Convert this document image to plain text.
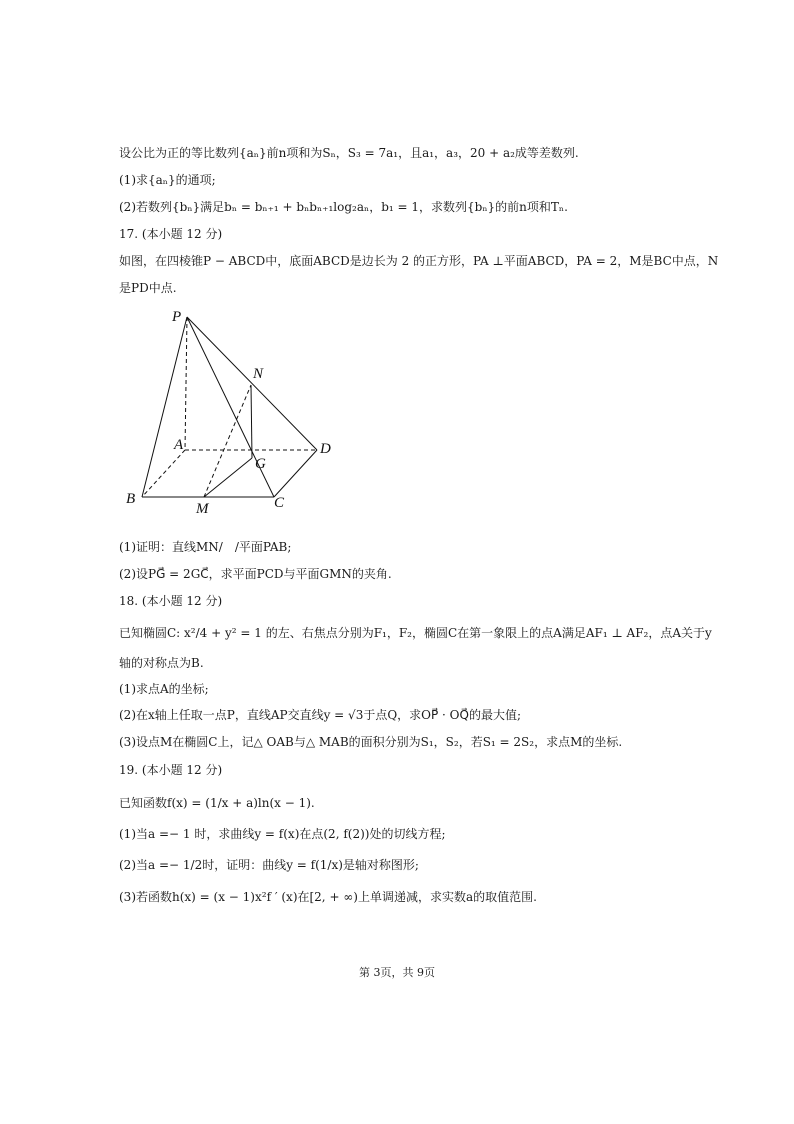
设公比为正的等比数列{aₙ}前n项和为Sₙ，S₃ = 7a₁，且a₁，a₃，20 + a₂成等差数列.
(1)求{aₙ}的通项;
(2)若数列{bₙ}满足bₙ = bₙ₊₁ + bₙbₙ₊₁log₂aₙ，b₁ = 1，求数列{bₙ}的前n项和Tₙ.
17. (本小题 12 分)
如图，在四棱锥P − ABCD中，底面ABCD是边长为 2 的正方形，PA ⊥平面ABCD，PA = 2，M是BC中点，N
是PD中点.
P
N
A
G
D
B
M	C
(1)证明：直线MN/　/平面PAB;
(2)设PG⃗ = 2GC⃗，求平面PCD与平面GMN的夹角.
18. (本小题 12 分)
已知椭圆C: x²/4 + y² = 1 的左、右焦点分别为F₁，F₂，椭圆C在第一象限上的点A满足AF₁ ⊥ AF₂，点A关于y
轴的对称点为B.
(1)求点A的坐标;
(2)在x轴上任取一点P，直线AP交直线y = √3于点Q，求OP⃗ · OQ⃗的最大值;
(3)设点M在椭圆C上，记△ OAB与△ MAB的面积分别为S₁，S₂，若S₁ = 2S₂，求点M的坐标.
19. (本小题 12 分)
已知函数f(x) = (1/x + a)ln(x − 1).
(1)当a =− 1 时，求曲线y = f(x)在点(2, f(2))处的切线方程;
(2)当a =− 1/2时，证明：曲线y = f(1/x)是轴对称图形;
(3)若函数h(x) = (x − 1)x²f ′ (x)在[2, + ∞)上单调递减，求实数a的取值范围.
第 3页，共 9页
